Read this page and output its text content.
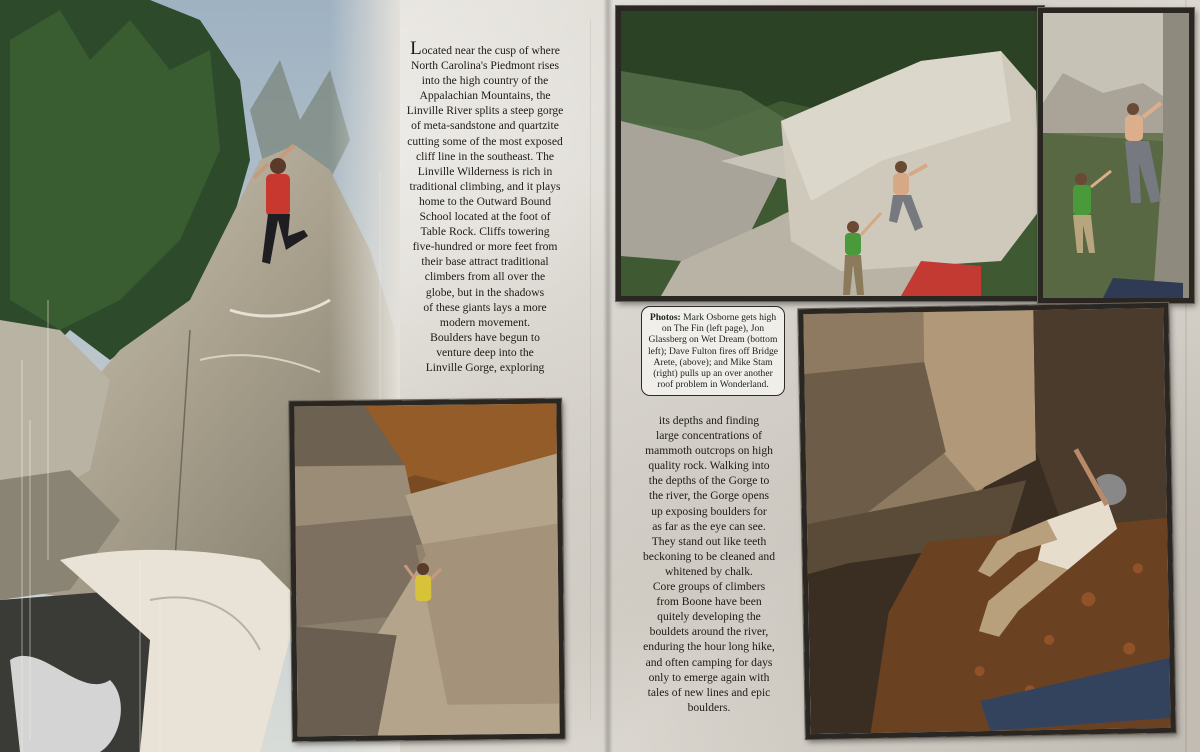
Located near the cusp of where

North Carolina's Piedmont rises

into the high country of the

Appalachian Mountains, the

Linville River splits a steep gorge

of meta-sandstone and quartzite

cutting some of the most exposed

cliff line in the southeast. The

Linville Wilderness is rich in

traditional climbing, and it plays

home to the Outward Bound

School located at the foot of

Table Rock. Cliffs towering

five-hundred or more feet from

their base attract traditional

climbers from all over the

globe, but in the shadows

of these giants lays a more

modern movement.

Boulders have begun to

venture deep into the

Linville Gorge, exploring

Photos: Mark Osborne gets high on The Fin (left page), Jon Glassberg on Wet Dream (bottom left); Dave Fulton fires off Bridge Arete, (above); and Mike Stam (right) pulls up an over another roof problem in Wonderland.

its depths and finding

large concentrations of

mammoth outcrops on high

quality rock. Walking into

the depths of the Gorge to

the river, the Gorge opens

up exposing boulders for

as far as the eye can see.

They stand out like teeth

beckoning to be cleaned and

whitened by chalk.

Core groups of climbers

from Boone have been

quitely developing the

bouldets around the river,

enduring the hour long hike,

and often camping for days

only to emerge again with

tales of new lines and epic

boulders.
